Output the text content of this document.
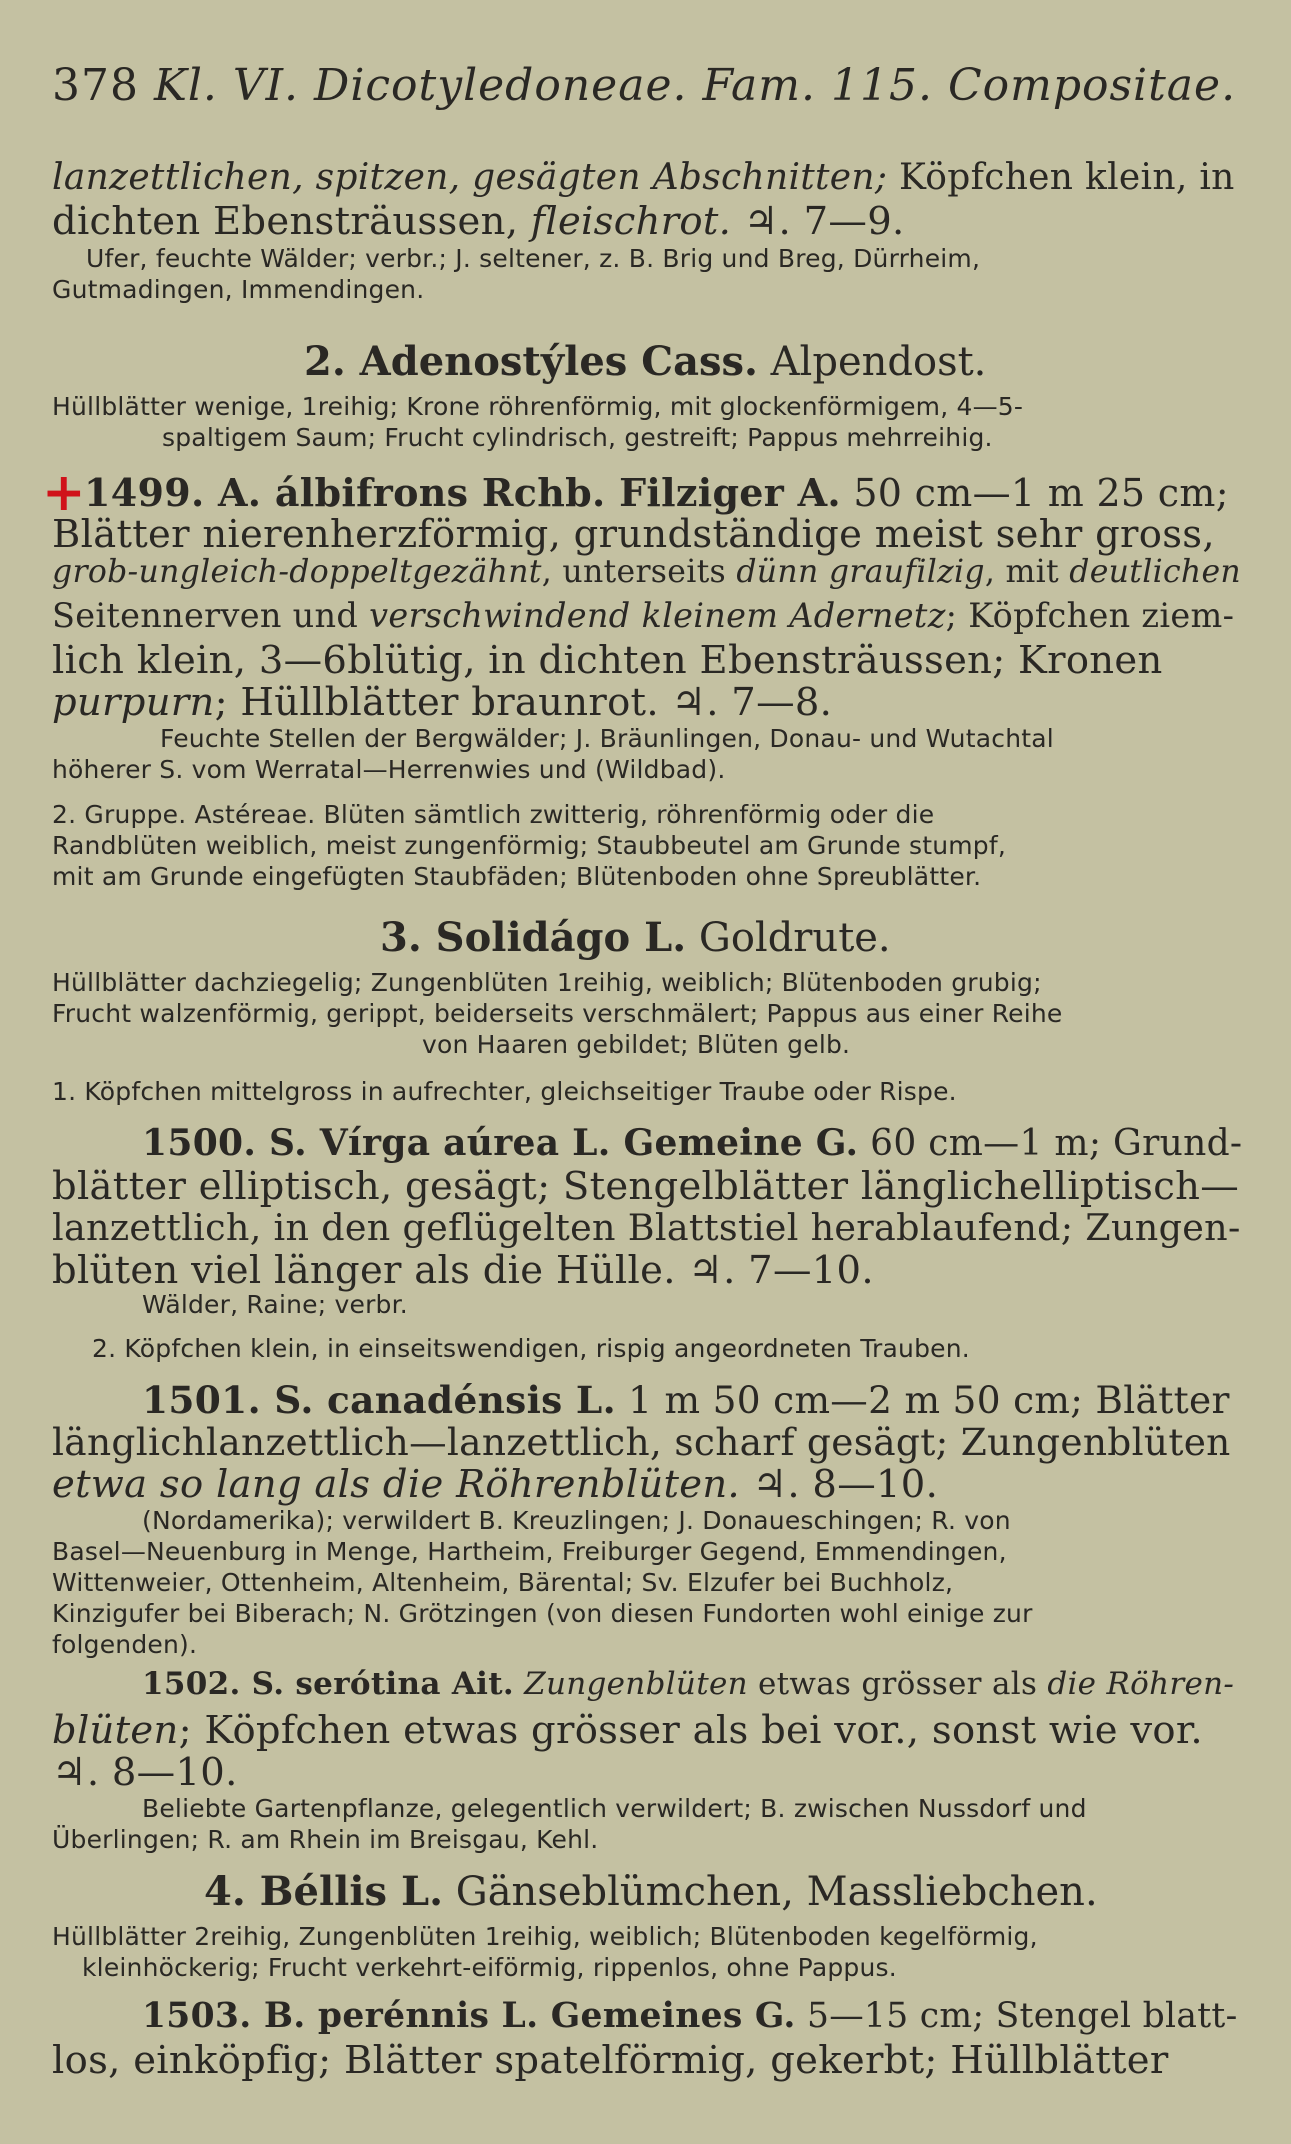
378 Kl. VI. Dicotyledoneae. Fam. 115. Compositae.
lanzettlichen, spitzen, gesägten Abschnitten; Köpfchen klein, in
dichten Ebensträussen, fleischrot. ♃. 7—9.
Ufer, feuchte Wälder; verbr.; J. seltener, z. B. Brig und Breg, Dürrheim,
Gutmadingen, Immendingen.
2. Adenostýles Cass. Alpendost.
Hüllblätter wenige, 1reihig; Krone röhrenförmig, mit glockenförmigem, 4—5-
spaltigem Saum; Frucht cylindrisch, gestreift; Pappus mehrreihig.
+
1499. A. álbifrons Rchb. Filziger A. 50 cm—1 m 25 cm;
Blätter nierenherzförmig, grundständige meist sehr gross,
grob-ungleich-doppeltgezähnt, unterseits dünn graufilzig, mit deutlichen
Seitennerven und verschwindend kleinem Adernetz; Köpfchen ziem-
lich klein, 3—6blütig, in dichten Ebensträussen; Kronen
purpurn; Hüllblätter braunrot. ♃. 7—8.
Feuchte Stellen der Bergwälder; J. Bräunlingen, Donau- und Wutachtal
höherer S. vom Werratal—Herrenwies und (Wildbad).
2. Gruppe. Astéreae. Blüten sämtlich zwitterig, röhrenförmig oder die
Randblüten weiblich, meist zungenförmig; Staubbeutel am Grunde stumpf,
mit am Grunde eingefügten Staubfäden; Blütenboden ohne Spreublätter.
3. Solidágo L. Goldrute.
Hüllblätter dachziegelig; Zungenblüten 1reihig, weiblich; Blütenboden grubig;
Frucht walzenförmig, gerippt, beiderseits verschmälert; Pappus aus einer Reihe
von Haaren gebildet; Blüten gelb.
1. Köpfchen mittelgross in aufrechter, gleichseitiger Traube oder Rispe.
1500. S. Vírga aúrea L. Gemeine G. 60 cm—1 m; Grund-
blätter elliptisch, gesägt; Stengelblätter länglichelliptisch—
lanzettlich, in den geflügelten Blattstiel herablaufend; Zungen-
blüten viel länger als die Hülle. ♃. 7—10.
Wälder, Raine; verbr.
2. Köpfchen klein, in einseitswendigen, rispig angeordneten Trauben.
1501. S. canadénsis L. 1 m 50 cm—2 m 50 cm; Blätter
länglichlanzettlich—lanzettlich, scharf gesägt; Zungenblüten
etwa so lang als die Röhrenblüten. ♃. 8—10.
(Nordamerika); verwildert B. Kreuzlingen; J. Donaueschingen; R. von
Basel—Neuenburg in Menge, Hartheim, Freiburger Gegend, Emmendingen,
Wittenweier, Ottenheim, Altenheim, Bärental; Sv. Elzufer bei Buchholz,
Kinzigufer bei Biberach; N. Grötzingen (von diesen Fundorten wohl einige zur
folgenden).
1502. S. serótina Ait. Zungenblüten etwas grösser als die Röhren-
blüten; Köpfchen etwas grösser als bei vor., sonst wie vor.
♃. 8—10.
Beliebte Gartenpflanze, gelegentlich verwildert; B. zwischen Nussdorf und
Überlingen; R. am Rhein im Breisgau, Kehl.
4. Béllis L. Gänseblümchen, Massliebchen.
Hüllblätter 2reihig, Zungenblüten 1reihig, weiblich; Blütenboden kegelförmig,
kleinhöckerig; Frucht verkehrt-eiförmig, rippenlos, ohne Pappus.
1503. B. perénnis L. Gemeines G. 5—15 cm; Stengel blatt-
los, einköpfig; Blätter spatelförmig, gekerbt; Hüllblätter
